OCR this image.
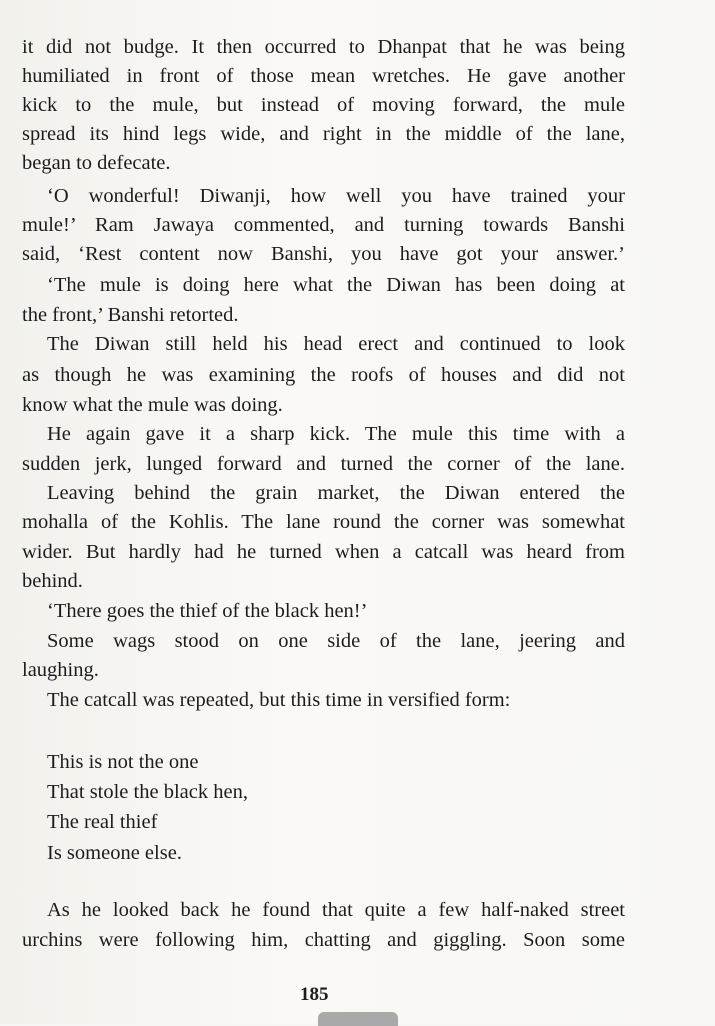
it did not budge. It then occurred to Dhanpat that he was being
humiliated in front of those mean wretches. He gave another
kick to the mule, but instead of moving forward, the mule
spread its hind legs wide, and right in the middle of the lane,
began to defecate.
‘O wonderful! Diwanji, how well you have trained your
mule!’ Ram Jawaya commented, and turning towards Banshi
said, ‘Rest content now Banshi, you have got your answer.’
‘The mule is doing here what the Diwan has been doing at
the front,’ Banshi retorted.
The Diwan still held his head erect and continued to look
as though he was examining the roofs of houses and did not
know what the mule was doing.
He again gave it a sharp kick. The mule this time with a
sudden jerk, lunged forward and turned the corner of the lane.
Leaving behind the grain market, the Diwan entered the
mohalla of the Kohlis. The lane round the corner was somewhat
wider. But hardly had he turned when a catcall was heard from
behind.
‘There goes the thief of the black hen!’
Some wags stood on one side of the lane, jeering and
laughing.
The catcall was repeated, but this time in versified form:
This is not the one
That stole the black hen,
The real thief
Is someone else.
As he looked back he found that quite a few half-naked street
urchins were following him, chatting and giggling. Soon some
185
